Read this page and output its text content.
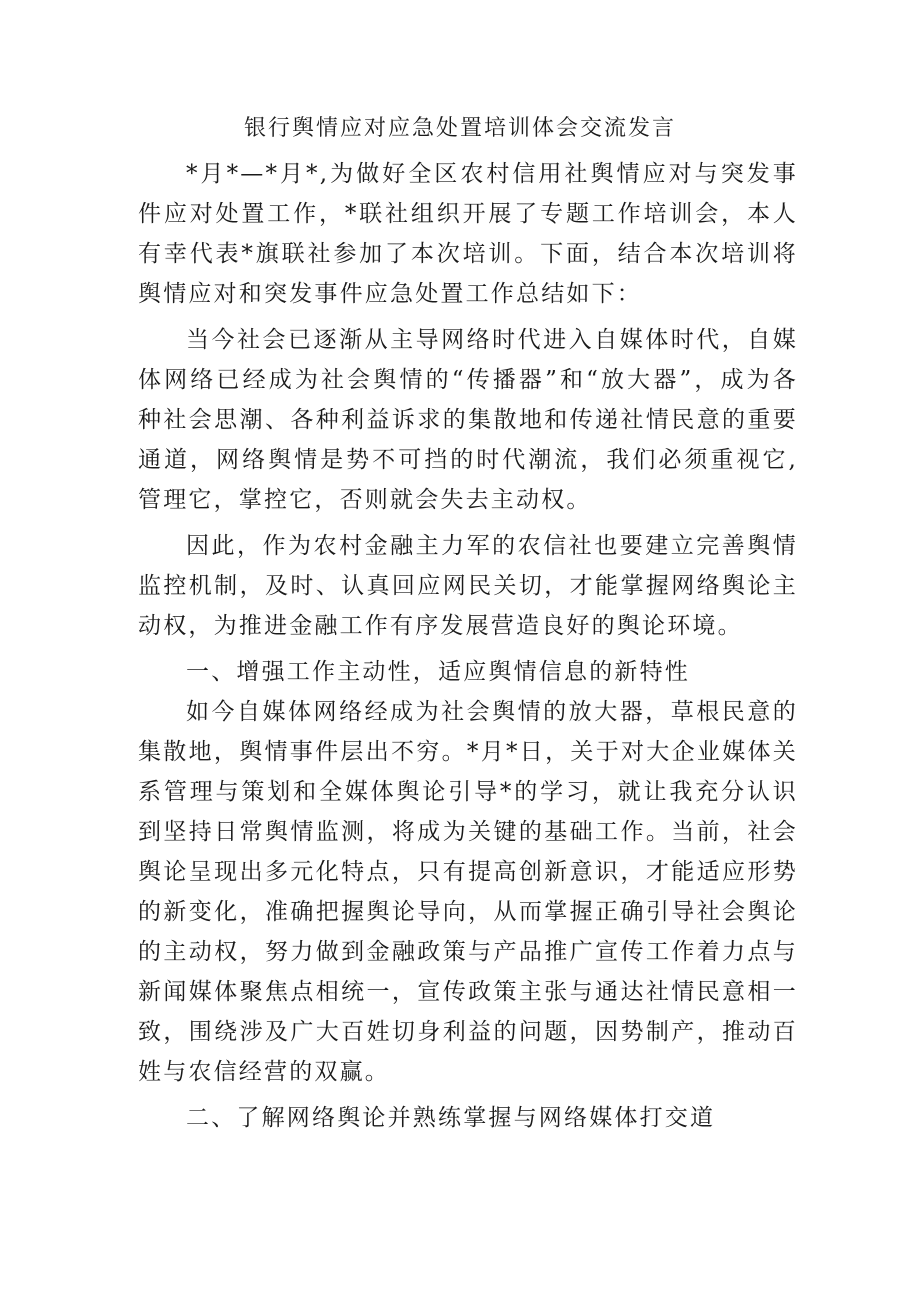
银行舆情应对应急处置培训体会交流发言

*月*—*月*,为做好全区农村信用社舆情应对与突发事件应对处置工作，*联社组织开展了专题工作培训会，本人有幸代表*旗联社参加了本次培训。下面，结合本次培训将舆情应对和突发事件应急处置工作总结如下：

当今社会已逐渐从主导网络时代进入自媒体时代，自媒体网络已经成为社会舆情的“传播器”和“放大器”，成为各种社会思潮、各种利益诉求的集散地和传递社情民意的重要通道，网络舆情是势不可挡的时代潮流，我们必须重视它,管理它，掌控它，否则就会失去主动权。

因此，作为农村金融主力军的农信社也要建立完善舆情监控机制，及时、认真回应网民关切，才能掌握网络舆论主动权，为推进金融工作有序发展营造良好的舆论环境。

一、增强工作主动性，适应舆情信息的新特性

如今自媒体网络经成为社会舆情的放大器，草根民意的集散地，舆情事件层出不穷。*月*日，关于对大企业媒体关系管理与策划和全媒体舆论引导*的学习，就让我充分认识到坚持日常舆情监测，将成为关键的基础工作。当前，社会舆论呈现出多元化特点，只有提高创新意识，才能适应形势的新变化，准确把握舆论导向，从而掌握正确引导社会舆论的主动权，努力做到金融政策与产品推广宣传工作着力点与新闻媒体聚焦点相统一，宣传政策主张与通达社情民意相一致，围绕涉及广大百姓切身利益的问题，因势制产，推动百姓与农信经营的双赢。

二、了解网络舆论并熟练掌握与网络媒体打交道
